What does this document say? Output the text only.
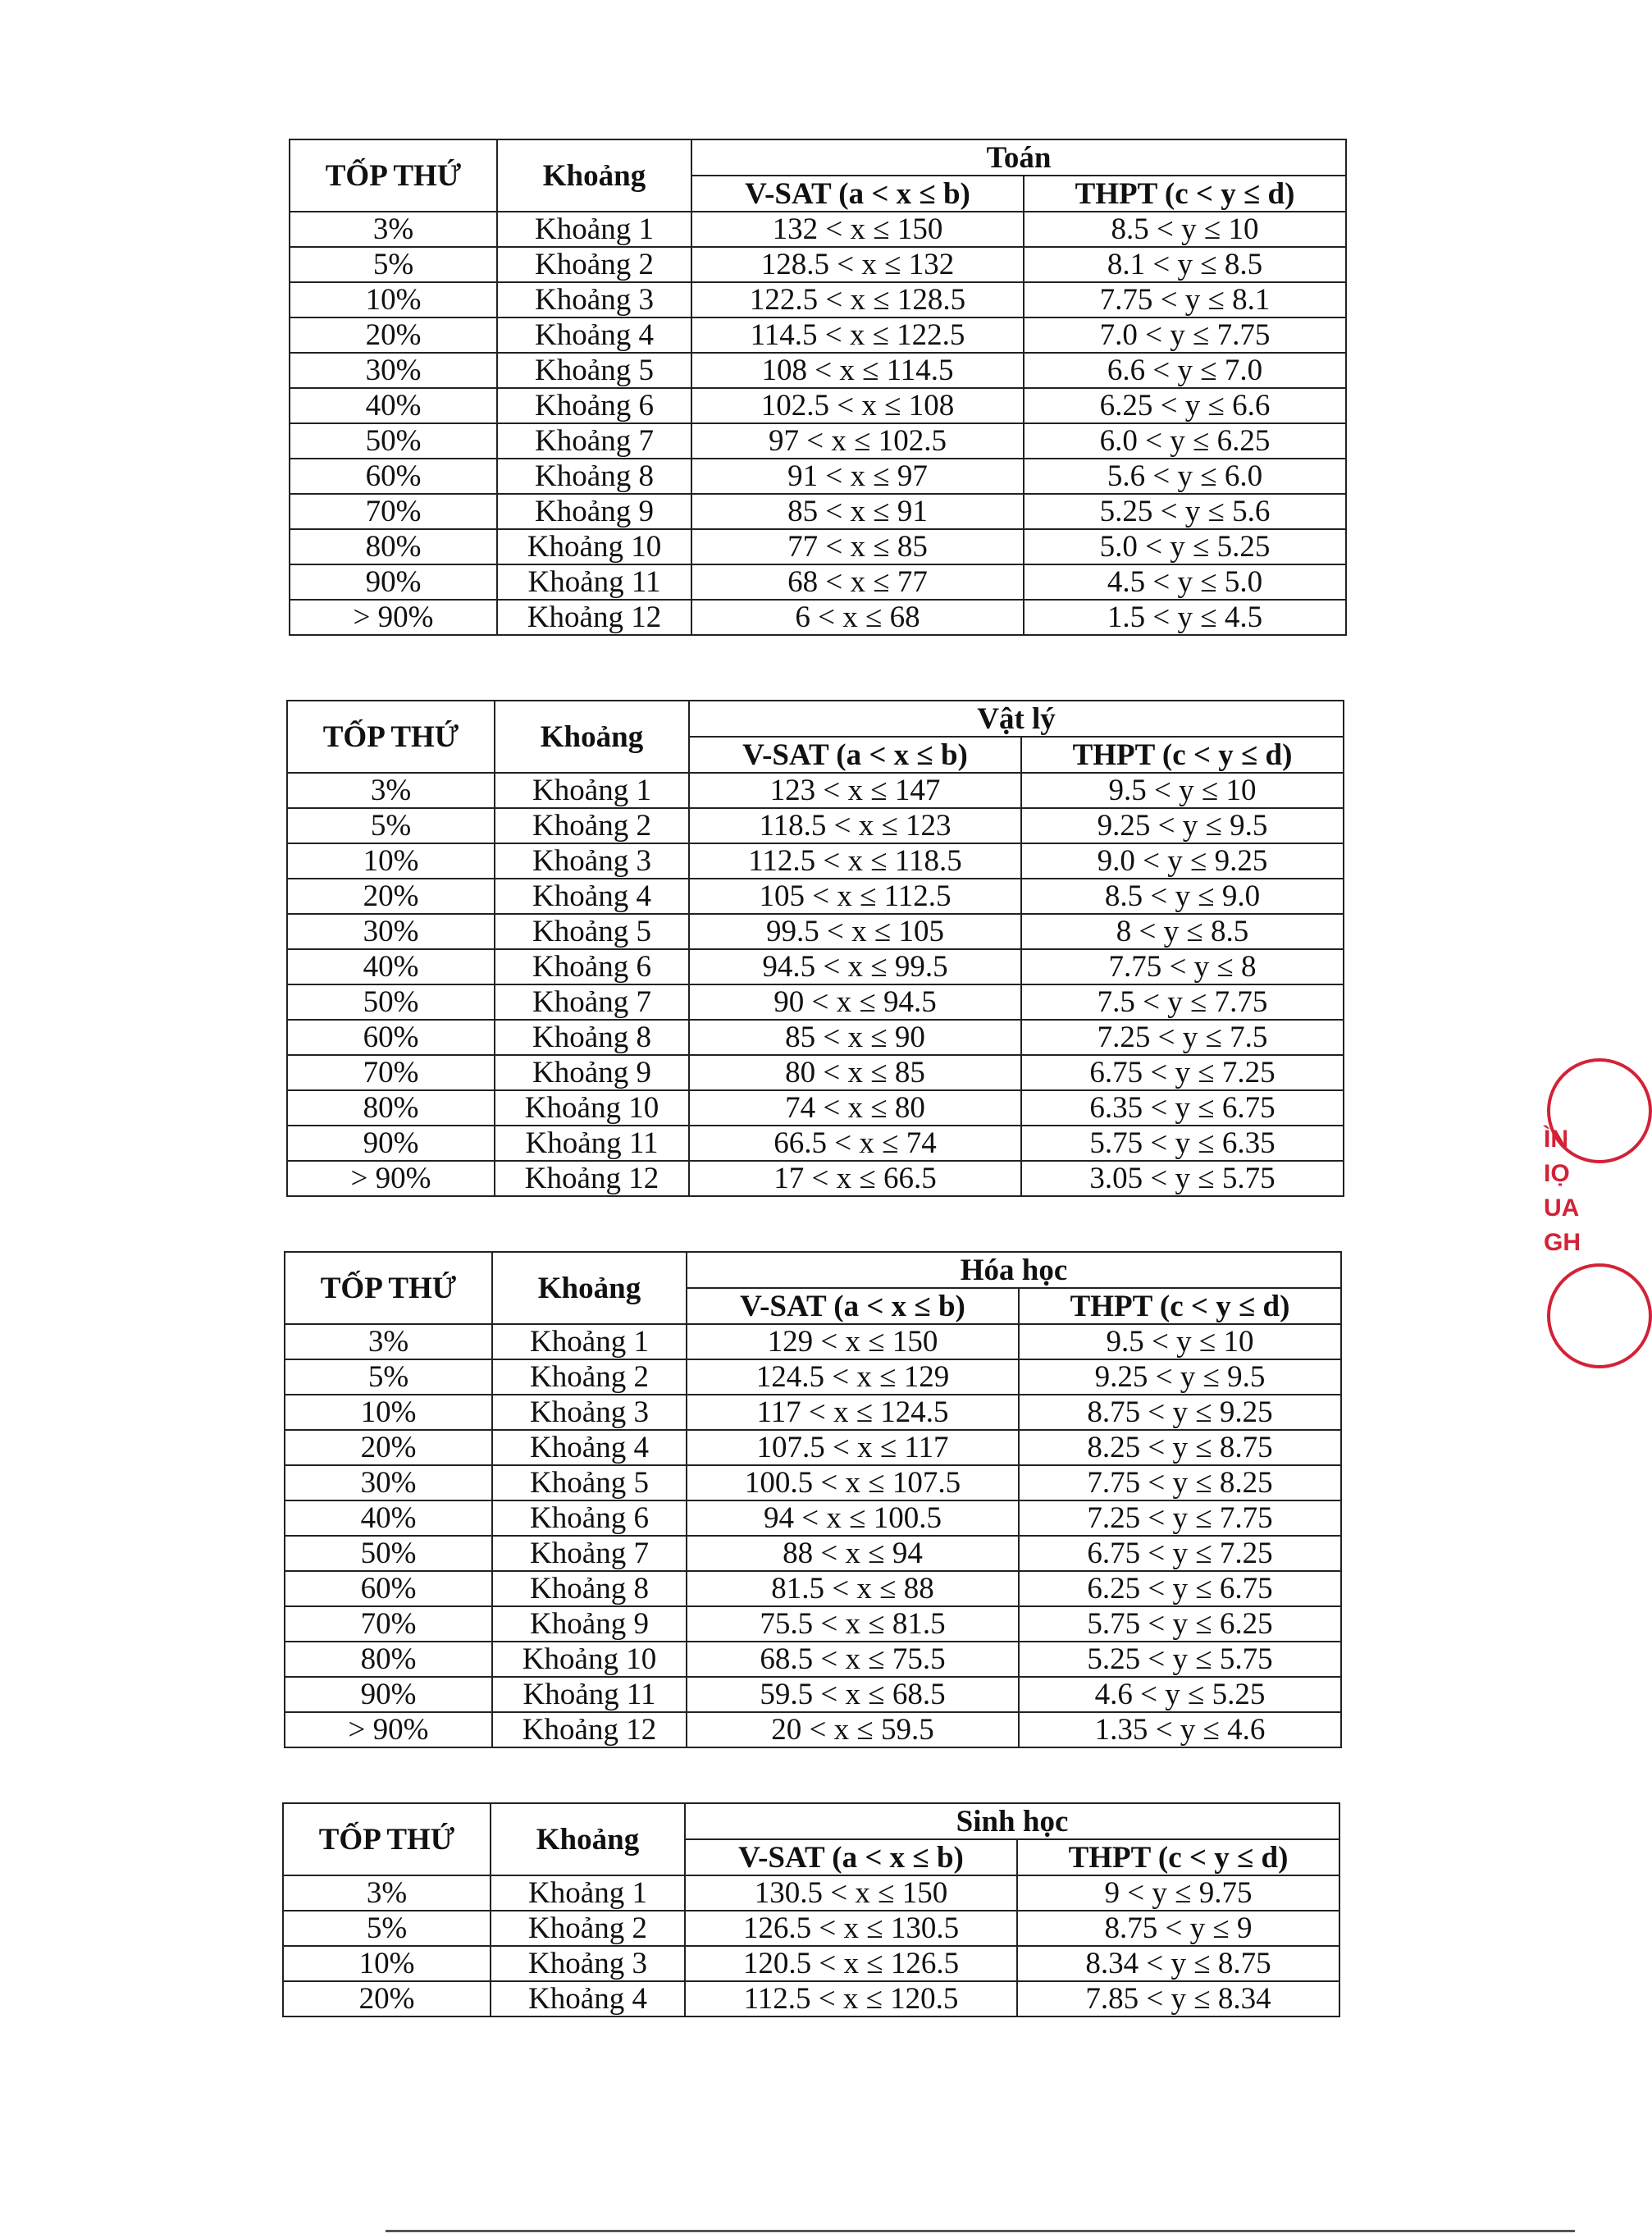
TỐP THỨ	Khoảng	Toán	
		V-SAT (a < x ≤ b)	THPT (c < y ≤ d)
3%	Khoảng 1	132 < x ≤ 150	8.5 < y ≤ 10
5%	Khoảng 2	128.5 < x ≤ 132	8.1 < y ≤ 8.5
10%	Khoảng 3	122.5 < x ≤ 128.5	7.75 < y ≤ 8.1
20%	Khoảng 4	114.5 < x ≤ 122.5	7.0 < y ≤ 7.75
30%	Khoảng 5	108 < x ≤ 114.5	6.6 < y ≤ 7.0
40%	Khoảng 6	102.5 < x ≤ 108	6.25 < y ≤ 6.6
50%	Khoảng 7	97 < x ≤ 102.5	6.0 < y ≤ 6.25
60%	Khoảng 8	91 < x ≤ 97	5.6 < y ≤ 6.0
70%	Khoảng 9	85 < x ≤ 91	5.25 < y ≤ 5.6
80%	Khoảng 10	77 < x ≤ 85	5.0 < y ≤ 5.25
90%	Khoảng 11	68 < x ≤ 77	4.5 < y ≤ 5.0
> 90%	Khoảng 12	6 < x ≤ 68	1.5 < y ≤ 4.5
TỐP THỨ	Khoảng	Vật lý	
		V-SAT (a < x ≤ b)	THPT (c < y ≤ d)
3%	Khoảng 1	123 < x ≤ 147	9.5 < y ≤ 10
5%	Khoảng 2	118.5 < x ≤ 123	9.25 < y ≤ 9.5
10%	Khoảng 3	112.5 < x ≤ 118.5	9.0 < y ≤ 9.25
20%	Khoảng 4	105 < x ≤ 112.5	8.5 < y ≤ 9.0
30%	Khoảng 5	99.5 < x ≤ 105	8 < y ≤ 8.5
40%	Khoảng 6	94.5 < x ≤ 99.5	7.75 < y ≤ 8
50%	Khoảng 7	90 < x ≤ 94.5	7.5 < y ≤ 7.75
60%	Khoảng 8	85 < x ≤ 90	7.25 < y ≤ 7.5
70%	Khoảng 9	80 < x ≤ 85	6.75 < y ≤ 7.25
80%	Khoảng 10	74 < x ≤ 80	6.35 < y ≤ 6.75
90%	Khoảng 11	66.5 < x ≤ 74	5.75 < y ≤ 6.35
> 90%	Khoảng 12	17 < x ≤ 66.5	3.05 < y ≤ 5.75
TỐP THỨ	Khoảng	Hóa học	
		V-SAT (a < x ≤ b)	THPT (c < y ≤ d)
3%	Khoảng 1	129 < x ≤ 150	9.5 < y ≤ 10
5%	Khoảng 2	124.5 < x ≤ 129	9.25 < y ≤ 9.5
10%	Khoảng 3	117 < x ≤ 124.5	8.75 < y ≤ 9.25
20%	Khoảng 4	107.5 < x ≤ 117	8.25 < y ≤ 8.75
30%	Khoảng 5	100.5 < x ≤ 107.5	7.75 < y ≤ 8.25
40%	Khoảng 6	94 < x ≤ 100.5	7.25 < y ≤ 7.75
50%	Khoảng 7	88 < x ≤ 94	6.75 < y ≤ 7.25
60%	Khoảng 8	81.5 < x ≤ 88	6.25 < y ≤ 6.75
70%	Khoảng 9	75.5 < x ≤ 81.5	5.75 < y ≤ 6.25
80%	Khoảng 10	68.5 < x ≤ 75.5	5.25 < y ≤ 5.75
90%	Khoảng 11	59.5 < x ≤ 68.5	4.6 < y ≤ 5.25
> 90%	Khoảng 12	20 < x ≤ 59.5	1.35 < y ≤ 4.6
TỐP THỨ	Khoảng	Sinh học	
		V-SAT (a < x ≤ b)	THPT (c < y ≤ d)
3%	Khoảng 1	130.5 < x ≤ 150	9 < y ≤ 9.75
5%	Khoảng 2	126.5 < x ≤ 130.5	8.75 < y ≤ 9
10%	Khoảng 3	120.5 < x ≤ 126.5	8.34 < y ≤ 8.75
20%	Khoảng 4	112.5 < x ≤ 120.5	7.85 < y ≤ 8.34
ÌN
IỌ
UA
GH
